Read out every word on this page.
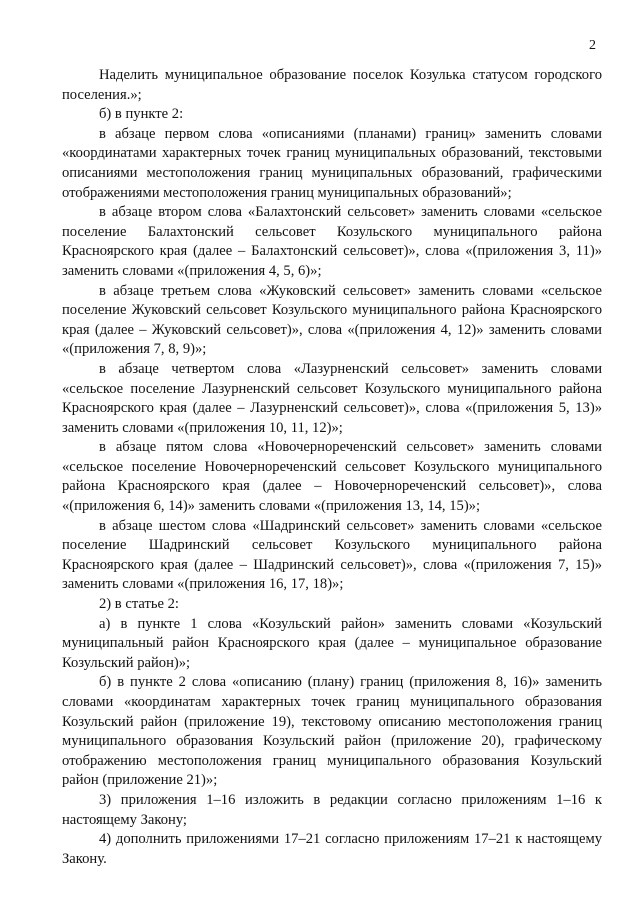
2

Наделить муниципальное образование поселок Козулька статусом городского поселения.»;

б) в пункте 2:

в абзаце первом слова «описаниями (планами) границ» заменить словами «координатами характерных точек границ муниципальных образований, текстовыми описаниями местоположения границ муниципальных образований, графическими отображениями местоположения границ муниципальных образований»;

в абзаце втором слова «Балахтонский сельсовет» заменить словами «сельское поселение Балахтонский сельсовет Козульского муниципального района Красноярского края (далее – Балахтонский сельсовет)», слова «(приложения 3, 11)» заменить словами «(приложения 4, 5, 6)»;

в абзаце третьем слова «Жуковский сельсовет» заменить словами «сельское поселение Жуковский сельсовет Козульского муниципального района Красноярского края (далее – Жуковский сельсовет)», слова «(приложения 4, 12)» заменить словами «(приложения 7, 8, 9)»;

в абзаце четвертом слова «Лазурненский сельсовет» заменить словами «сельское поселение Лазурненский сельсовет Козульского муниципального района Красноярского края (далее – Лазурненский сельсовет)», слова «(приложения 5, 13)» заменить словами «(приложения 10, 11, 12)»;

в абзаце пятом слова «Новочернореченский сельсовет» заменить словами «сельское поселение Новочернореченский сельсовет Козульского муниципального района Красноярского края (далее – Новочернореченский сельсовет)», слова «(приложения 6, 14)» заменить словами «(приложения 13, 14, 15)»;

в абзаце шестом слова «Шадринский сельсовет» заменить словами «сельское поселение Шадринский сельсовет Козульского муниципального района Красноярского края (далее – Шадринский сельсовет)», слова «(приложения 7, 15)» заменить словами «(приложения 16, 17, 18)»;

2) в статье 2:

а) в пункте 1 слова «Козульский район» заменить словами «Козульский муниципальный район Красноярского края (далее – муниципальное образование Козульский район)»;

б) в пункте 2 слова «описанию (плану) границ (приложения 8, 16)» заменить словами «координатам характерных точек границ муниципального образования Козульский район (приложение 19), текстовому описанию местоположения границ муниципального образования Козульский район (приложение 20), графическому отображению местоположения границ муниципального образования Козульский район (приложение 21)»;

3) приложения 1–16 изложить в редакции согласно приложениям 1–16 к настоящему Закону;

4) дополнить приложениями 17–21 согласно приложениям 17–21 к настоящему Закону.
